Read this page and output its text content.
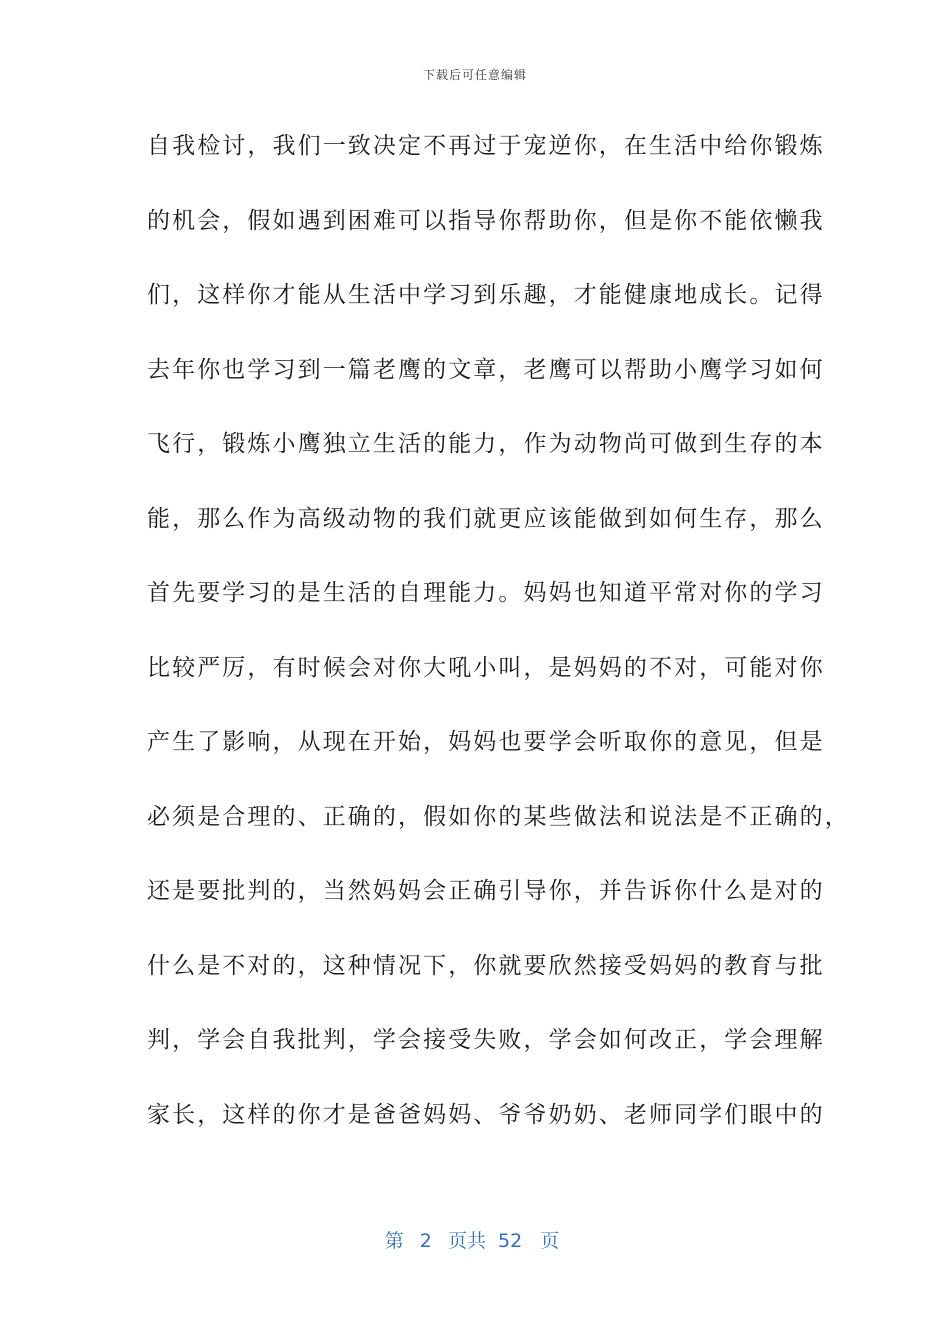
下载后可任意编辑
自我检讨，我们一致决定不再过于宠逆你，在生活中给你锻炼
的机会，假如遇到困难可以指导你帮助你，但是你不能依懒我
们，这样你才能从生活中学习到乐趣，才能健康地成长。记得
去年你也学习到一篇老鹰的文章，老鹰可以帮助小鹰学习如何
飞行，锻炼小鹰独立生活的能力，作为动物尚可做到生存的本
能，那么作为高级动物的我们就更应该能做到如何生存，那么
首先要学习的是生活的自理能力。妈妈也知道平常对你的学习
比较严厉，有时候会对你大吼小叫，是妈妈的不对，可能对你
产生了影响，从现在开始，妈妈也要学会听取你的意见，但是
必须是合理的、正确的，假如你的某些做法和说法是不正确的，
还是要批判的，当然妈妈会正确引导你，并告诉你什么是对的
什么是不对的，这种情况下，你就要欣然接受妈妈的教育与批
判，学会自我批判，学会接受失败，学会如何改正，学会理解
家长，这样的你才是爸爸妈妈、爷爷奶奶、老师同学们眼中的
第 2 页共 52 页
